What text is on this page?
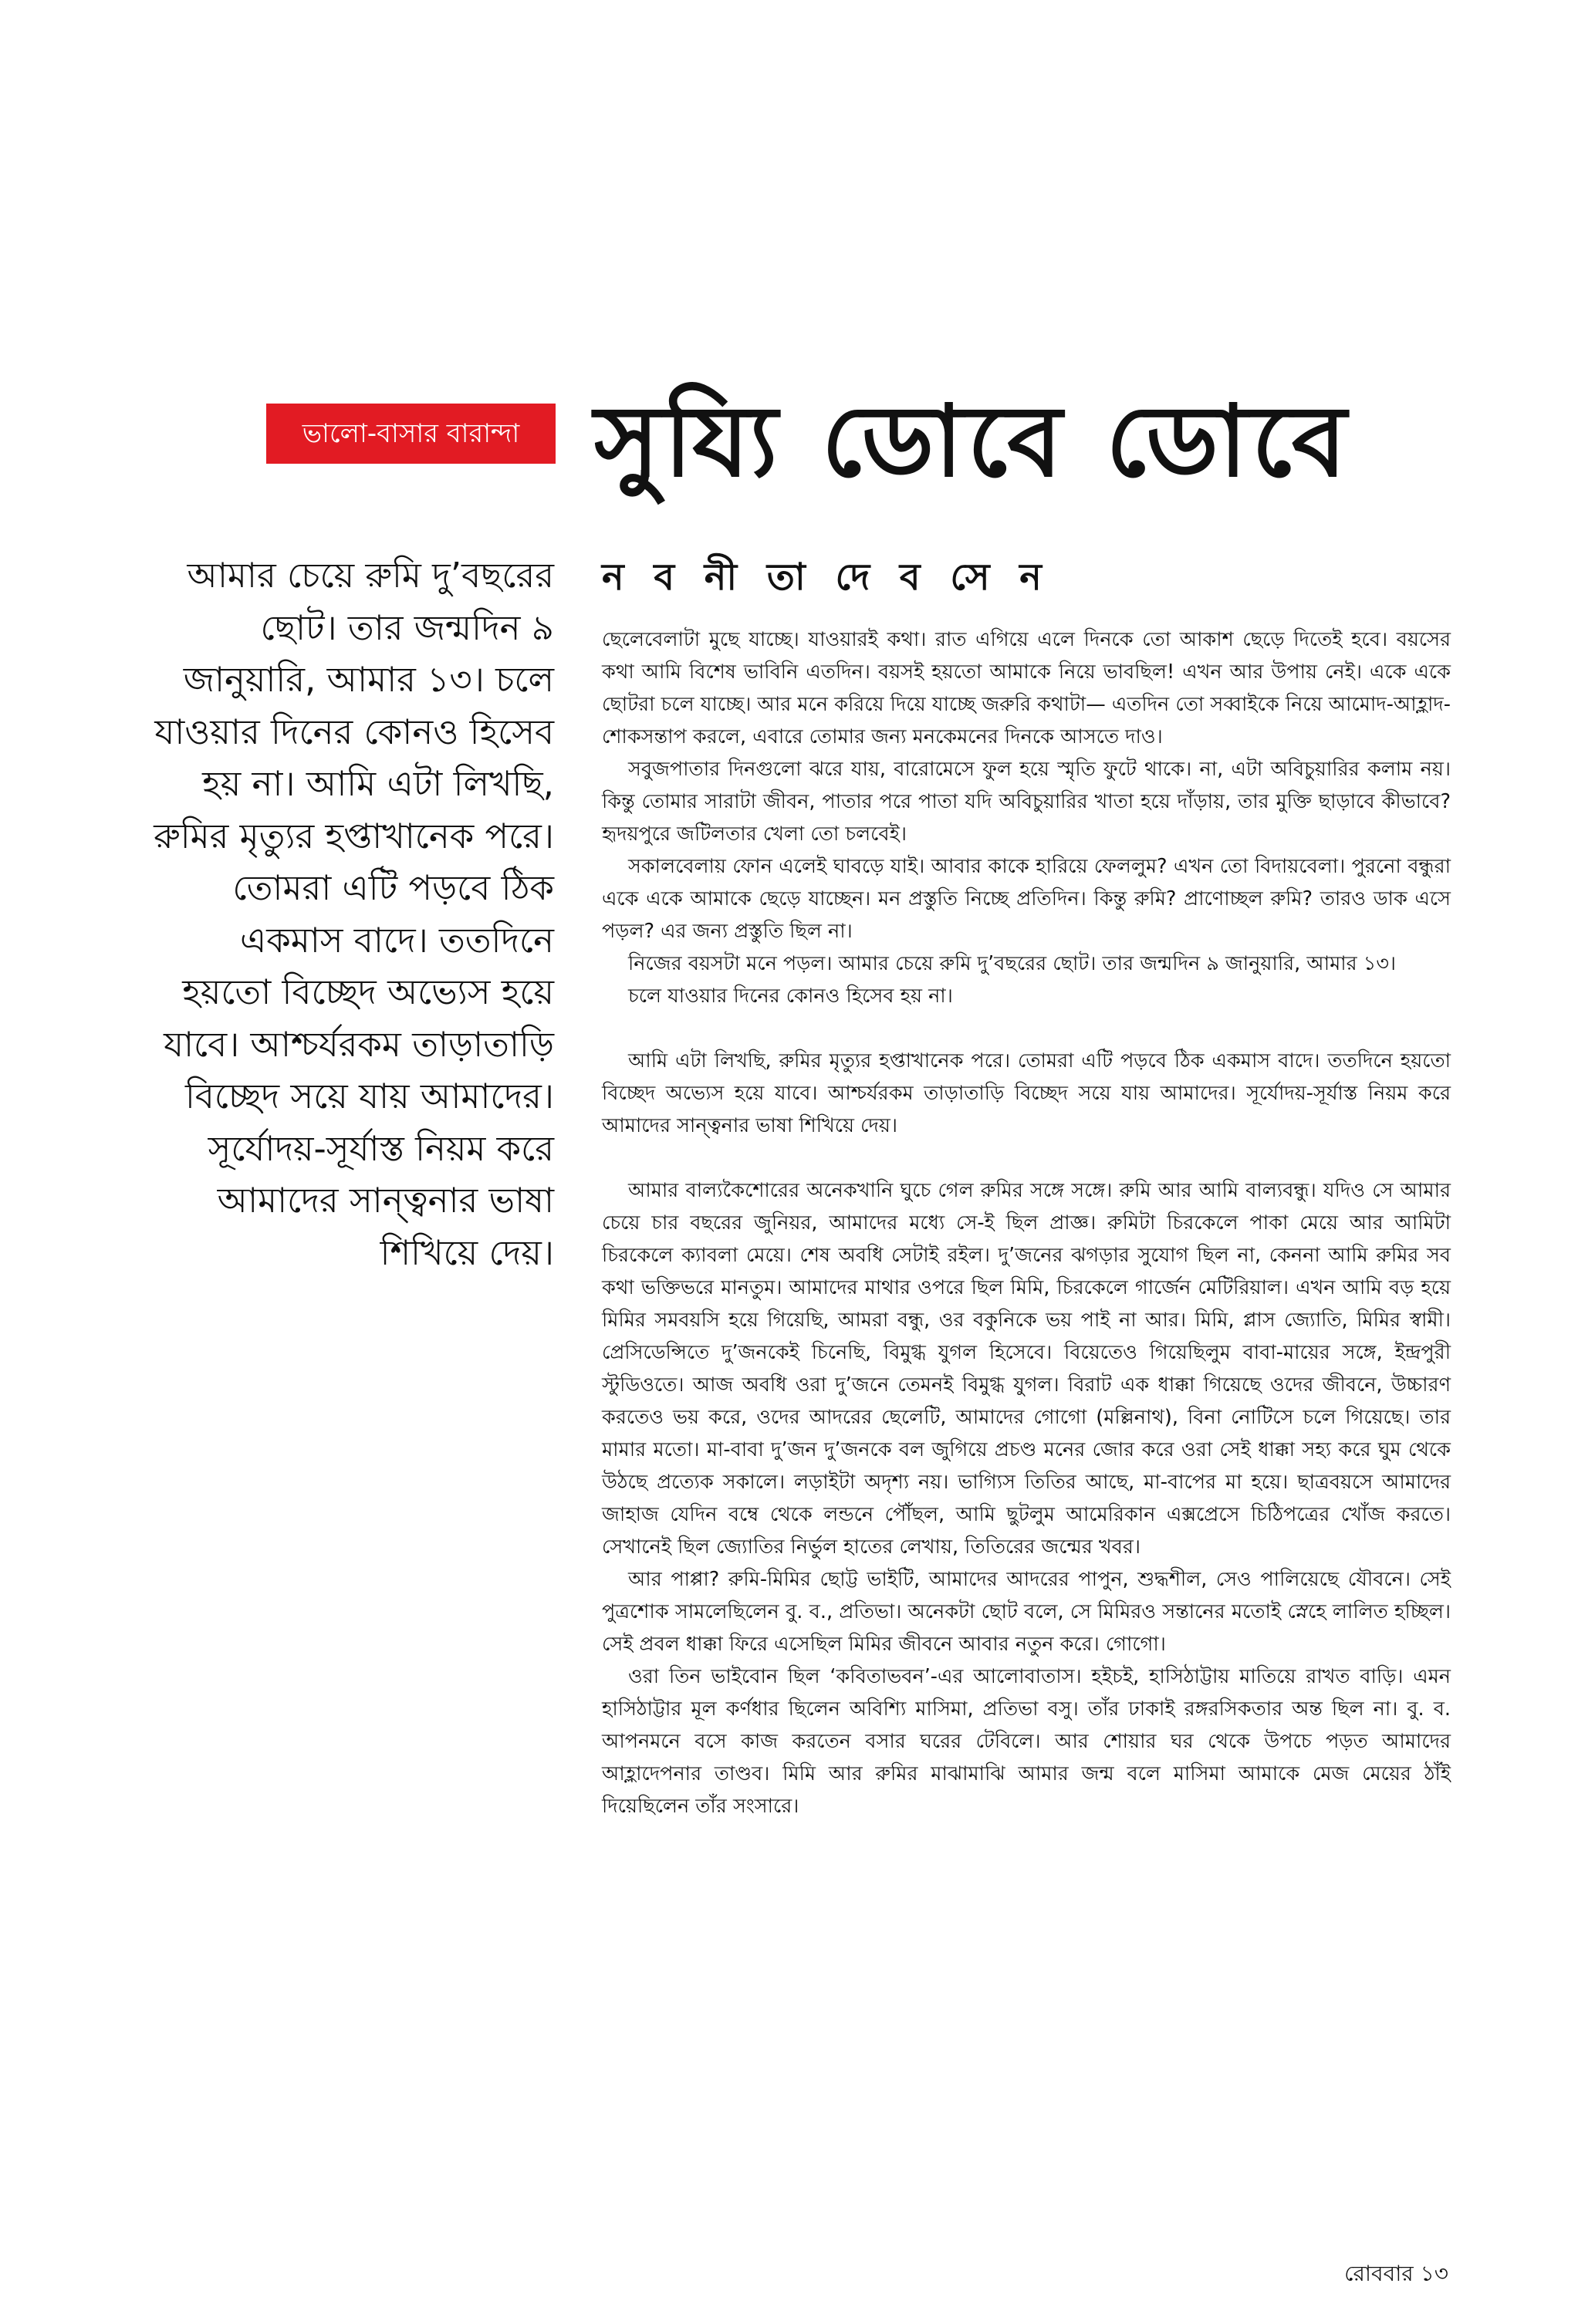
ভালো-বাসার বারান্দা সুয্যি ডোবে ডোবে
ন ব নী তা দে ব সে ন

আমার চেয়ে রুমি দু’বছরের ছোট। তার জন্মদিন ৯ জানুয়ারি, আমার ১৩। চলে যাওয়ার দিনের কোনও হিসেব হয় না। আমি এটা লিখছি, রুমির মৃত্যুর হপ্তাখানেক পরে। তোমরা এটি পড়বে ঠিক একমাস বাদে। ততদিনে হয়তো বিচ্ছেদ অভ্যেস হয়ে যাবে। আশ্চর্যরকম তাড়াতাড়ি বিচ্ছেদ সয়ে যায় আমাদের। সূর্যোদয়-সূর্যাস্ত নিয়ম করে আমাদের সান্ত্বনার ভাষা শিখিয়ে দেয়।

ছেলেবেলাটা মুছে যাচ্ছে। যাওয়ারই কথা। রাত এগিয়ে এলে দিনকে তো আকাশ ছেড়ে দিতেই হবে। বয়সের কথা আমি বিশেষ ভাবিনি এতদিন। বয়সই হয়তো আমাকে নিয়ে ভাবছিল! এখন আর উপায় নেই। একে একে ছোটরা চলে যাচ্ছে। আর মনে করিয়ে দিয়ে যাচ্ছে জরুরি কথাটা— এতদিন তো সব্বাইকে নিয়ে আমোদ-আহ্লাদ-শোকসন্তাপ করলে, এবারে তোমার জন্য মনকেমনের দিনকে আসতে দাও।

সবুজপাতার দিনগুলো ঝরে যায়, বারোমেসে ফুল হয়ে স্মৃতি ফুটে থাকে। না, এটা অবিচুয়ারির কলাম নয়। কিন্তু তোমার সারাটা জীবন, পাতার পরে পাতা যদি অবিচুয়ারির খাতা হয়ে দাঁড়ায়, তার মুক্তি ছাড়াবে কীভাবে? হৃদয়পুরে জটিলতার খেলা তো চলবেই।

সকালবেলায় ফোন এলেই ঘাবড়ে যাই। আবার কাকে হারিয়ে ফেললুম? এখন তো বিদায়বেলা। পুরনো বন্ধুরা একে একে আমাকে ছেড়ে যাচ্ছেন। মন প্রস্তুতি নিচ্ছে প্রতিদিন। কিন্তু রুমি? প্রাণোচ্ছল রুমি? তারও ডাক এসে পড়ল? এর জন্য প্রস্তুতি ছিল না।

নিজের বয়সটা মনে পড়ল। আমার চেয়ে রুমি দু’বছরের ছোট। তার জন্মদিন ৯ জানুয়ারি, আমার ১৩।

চলে যাওয়ার দিনের কোনও হিসেব হয় না।

আমি এটা লিখছি, রুমির মৃত্যুর হপ্তাখানেক পরে। তোমরা এটি পড়বে ঠিক একমাস বাদে। ততদিনে হয়তো বিচ্ছেদ অভ্যেস হয়ে যাবে। আশ্চর্যরকম তাড়াতাড়ি বিচ্ছেদ সয়ে যায় আমাদের। সূর্যোদয়-সূর্যাস্ত নিয়ম করে আমাদের সান্ত্বনার ভাষা শিখিয়ে দেয়।

আমার বাল্যকৈশোরের অনেকখানি ঘুচে গেল রুমির সঙ্গে সঙ্গে। রুমি আর আমি বাল্যবন্ধু। যদিও সে আমার চেয়ে চার বছরের জুনিয়র, আমাদের মধ্যে সে-ই ছিল প্রাজ্ঞ। রুমিটা চিরকেলে পাকা মেয়ে আর আমিটা চিরকেলে ক্যাবলা মেয়ে। শেষ অবধি সেটাই রইল। দু’জনের ঝগড়ার সুযোগ ছিল না, কেননা আমি রুমির সব কথা ভক্তিভরে মানতুম। আমাদের মাথার ওপরে ছিল মিমি, চিরকেলে গার্জেন মেটিরিয়াল। এখন আমি বড় হয়ে মিমির সমবয়সি হয়ে গিয়েছি, আমরা বন্ধু, ওর বকুনিকে ভয় পাই না আর। মিমি, প্লাস জ্যোতি, মিমির স্বামী। প্রেসিডেন্সিতে দু’জনকেই চিনেছি, বিমুগ্ধ যুগল হিসেবে। বিয়েতেও গিয়েছিলুম বাবা-মায়ের সঙ্গে, ইন্দ্রপুরী স্টুডিওতে। আজ অবধি ওরা দু’জনে তেমনই বিমুগ্ধ যুগল। বিরাট এক ধাক্কা গিয়েছে ওদের জীবনে, উচ্চারণ করতেও ভয় করে, ওদের আদরের ছেলেটি, আমাদের গোগো (মল্লিনাথ), বিনা নোটিসে চলে গিয়েছে। তার মামার মতো। মা-বাবা দু’জন দু’জনকে বল জুগিয়ে প্রচণ্ড মনের জোর করে ওরা সেই ধাক্কা সহ্য করে ঘুম থেকে উঠছে প্রত্যেক সকালে। লড়াইটা অদৃশ্য নয়। ভাগ্যিস তিতির আছে, মা-বাপের মা হয়ে। ছাত্রবয়সে আমাদের জাহাজ যেদিন বম্বে থেকে লন্ডনে পৌঁছল, আমি ছুটলুম আমেরিকান এক্সপ্রেসে চিঠিপত্রের খোঁজ করতে। সেখানেই ছিল জ্যোতির নির্ভুল হাতের লেখায়, তিতিরের জন্মের খবর।

আর পাপ্পা? রুমি-মিমির ছোট্ট ভাইটি, আমাদের আদরের পাপুন, শুদ্ধশীল, সেও পালিয়েছে যৌবনে। সেই পুত্রশোক সামলেছিলেন বু. ব., প্রতিভা। অনেকটা ছোট বলে, সে মিমিরও সন্তানের মতোই স্নেহে লালিত হচ্ছিল। সেই প্রবল ধাক্কা ফিরে এসেছিল মিমির জীবনে আবার নতুন করে। গোগো।

ওরা তিন ভাইবোন ছিল ‘কবিতাভবন’-এর আলোবাতাস। হইচই, হাসিঠাট্টায় মাতিয়ে রাখত বাড়ি। এমন হাসিঠাট্টার মূল কর্ণধার ছিলেন অবিশ্যি মাসিমা, প্রতিভা বসু। তাঁর ঢাকাই রঙ্গরসিকতার অন্ত ছিল না। বু. ব. আপনমনে বসে কাজ করতেন বসার ঘরের টেবিলে। আর শোয়ার ঘর থেকে উপচে পড়ত আমাদের আহ্লাদেপনার তাণ্ডব। মিমি আর রুমির মাঝামাঝি আমার জন্ম বলে মাসিমা আমাকে মেজ মেয়ের ঠাঁই দিয়েছিলেন তাঁর সংসারে।

রোববার ১৩
